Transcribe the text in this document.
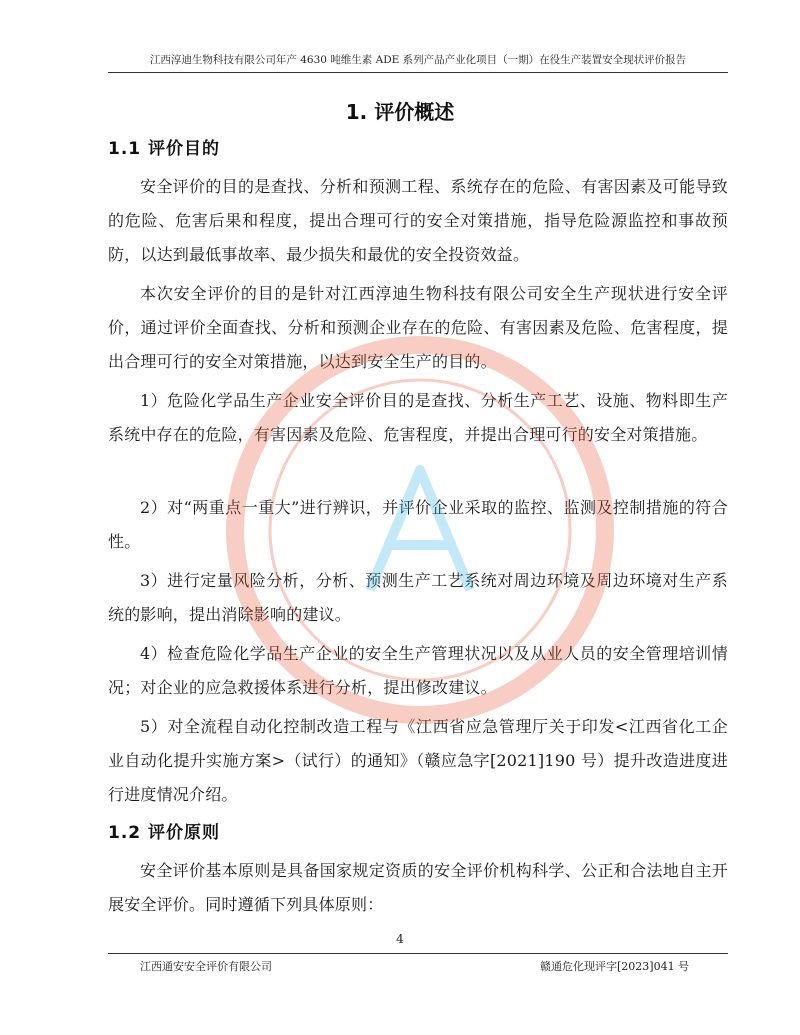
江西淳迪生物科技有限公司年产 4630 吨维生素 ADE 系列产品产业化项目（一期）在役生产装置安全现状评价报告
1. 评价概述
1.1 评价目的
安全评价的目的是查找、分析和预测工程、系统存在的危险、有害因素及可能导致的危险、危害后果和程度，提出合理可行的安全对策措施，指导危险源监控和事故预防，以达到最低事故率、最少损失和最优的安全投资效益。
本次安全评价的目的是针对江西淳迪生物科技有限公司安全生产现状进行安全评价，通过评价全面查找、分析和预测企业存在的危险、有害因素及危险、危害程度，提出合理可行的安全对策措施，以达到安全生产的目的。
1）危险化学品生产企业安全评价目的是查找、分析生产工艺、设施、物料即生产系统中存在的危险，有害因素及危险、危害程度，并提出合理可行的安全对策措施。
2）对“两重点一重大”进行辨识，并评价企业采取的监控、监测及控制措施的符合性。
3）进行定量风险分析，分析、预测生产工艺系统对周边环境及周边环境对生产系统的影响，提出消除影响的建议。
4）检查危险化学品生产企业的安全生产管理状况以及从业人员的安全管理培训情况；对企业的应急救援体系进行分析，提出修改建议。
5）对全流程自动化控制改造工程与《江西省应急管理厅关于印发<江西省化工企业自动化提升实施方案>（试行）的通知》（赣应急字[2021]190 号）提升改造进度进行进度情况介绍。
1.2 评价原则
安全评价基本原则是具备国家规定资质的安全评价机构科学、公正和合法地自主开展安全评价。同时遵循下列具体原则：
4
江西通安安全评价有限公司	赣通危化现评字[2023]041 号
